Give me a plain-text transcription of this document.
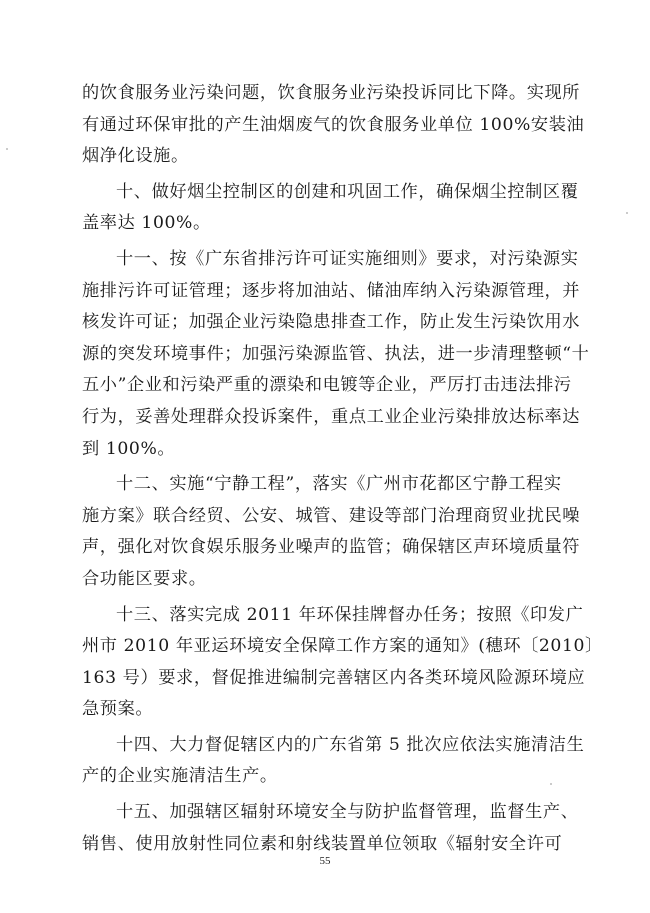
的饮食服务业污染问题，饮食服务业污染投诉同比下降。实现所
有通过环保审批的产生油烟废气的饮食服务业单位 100%安装油
烟净化设施。
十、做好烟尘控制区的创建和巩固工作，确保烟尘控制区覆
盖率达 100%。
十一、按《广东省排污许可证实施细则》要求，对污染源实
施排污许可证管理；逐步将加油站、储油库纳入污染源管理，并
核发许可证；加强企业污染隐患排查工作，防止发生污染饮用水
源的突发环境事件；加强污染源监管、执法，进一步清理整顿“十
五小”企业和污染严重的漂染和电镀等企业，严厉打击违法排污
行为，妥善处理群众投诉案件，重点工业企业污染排放达标率达
到 100%。
十二、实施“宁静工程”，落实《广州市花都区宁静工程实
施方案》联合经贸、公安、城管、建设等部门治理商贸业扰民噪
声，强化对饮食娱乐服务业噪声的监管；确保辖区声环境质量符
合功能区要求。
十三、落实完成 2011 年环保挂牌督办任务；按照《印发广
州市 2010 年亚运环境安全保障工作方案的通知》(穗环〔2010〕
163 号）要求，督促推进编制完善辖区内各类环境风险源环境应
急预案。
十四、大力督促辖区内的广东省第 5 批次应依法实施清洁生
产的企业实施清洁生产。
十五、加强辖区辐射环境安全与防护监督管理，监督生产、
销售、使用放射性同位素和射线装置单位领取《辐射安全许可
55
